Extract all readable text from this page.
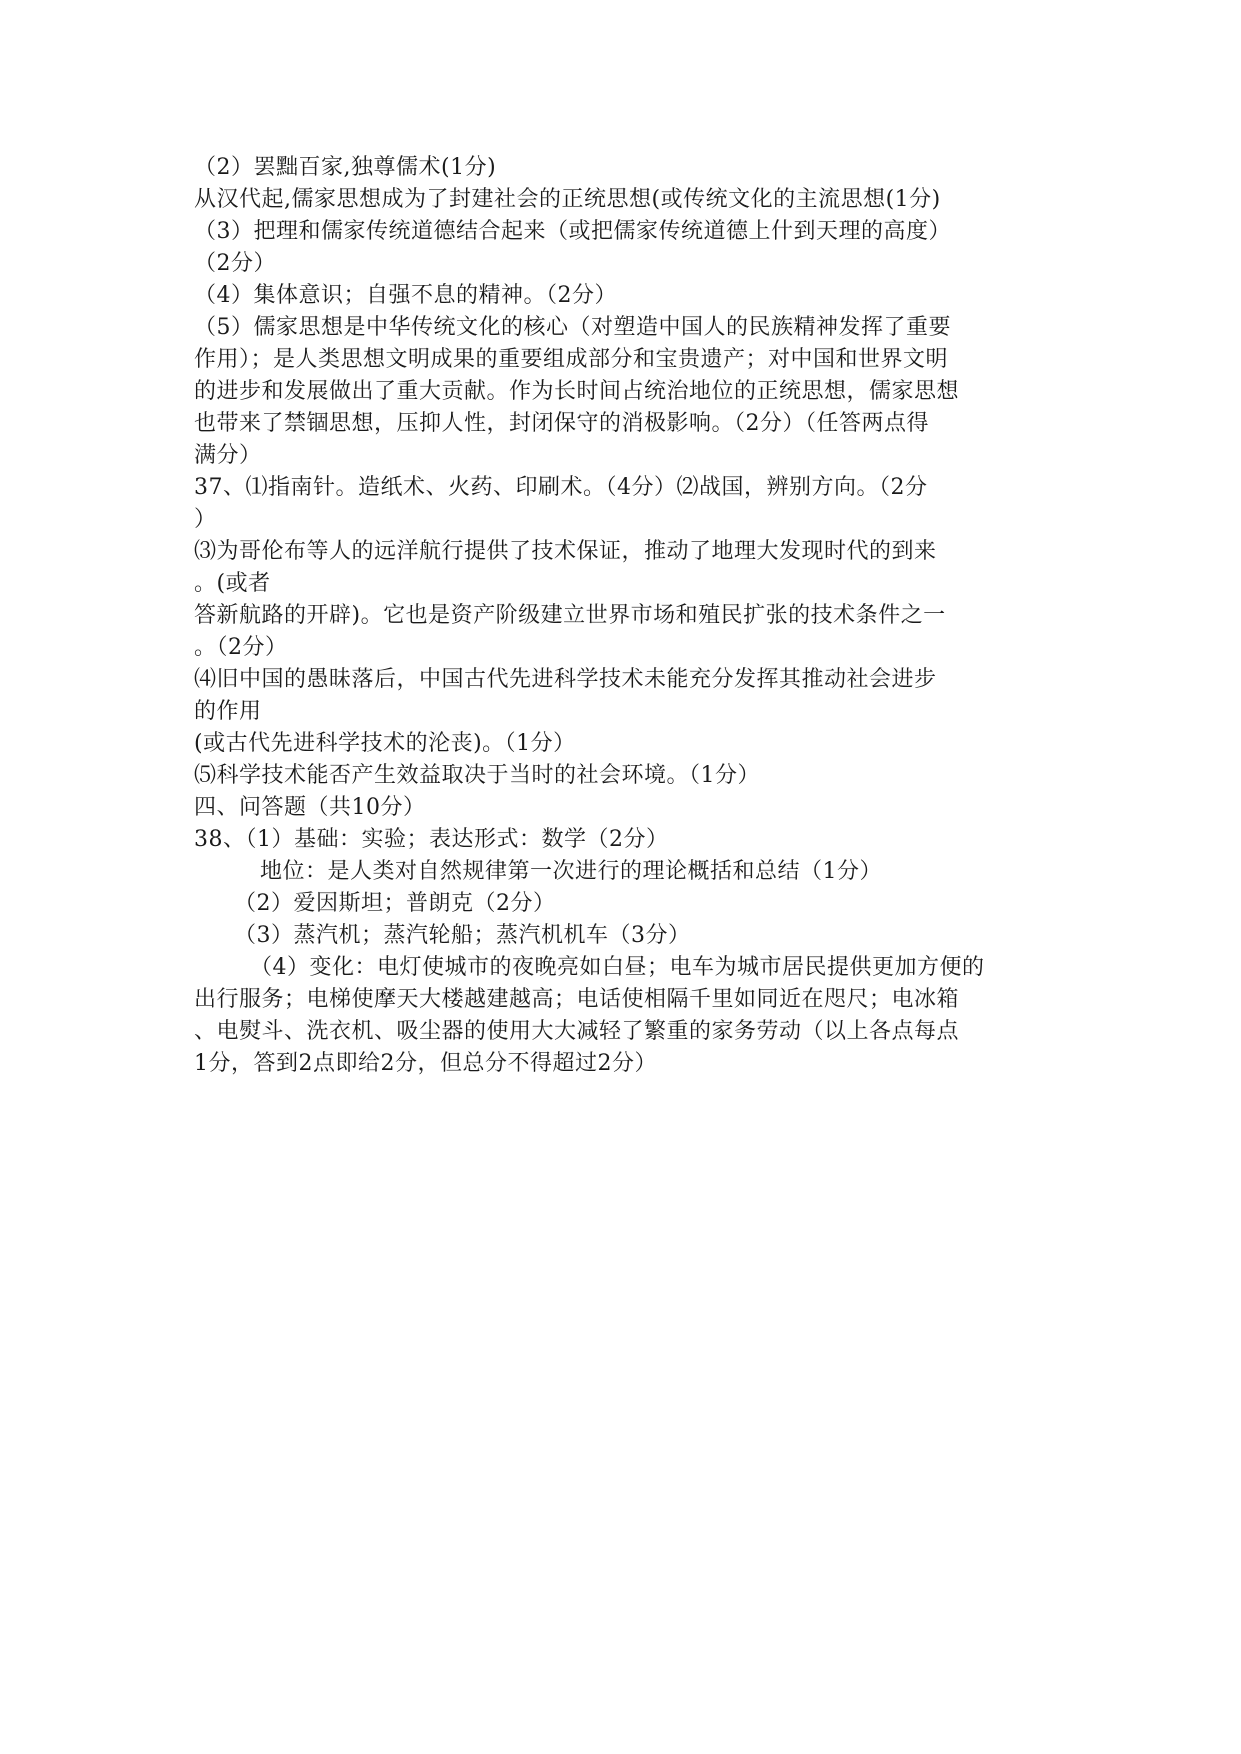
（2）罢黜百家,独尊儒术(1分)
从汉代起,儒家思想成为了封建社会的正统思想(或传统文化的主流思想(1分)
（3）把理和儒家传统道德结合起来（或把儒家传统道德上什到天理的高度）
（2分）
（4）集体意识；自强不息的精神。（2分）
（5）儒家思想是中华传统文化的核心（对塑造中国人的民族精神发挥了重要
作用）；是人类思想文明成果的重要组成部分和宝贵遗产；对中国和世界文明
的进步和发展做出了重大贡献。作为长时间占统治地位的正统思想，儒家思想
也带来了禁锢思想，压抑人性，封闭保守的消极影响。（2分）（任答两点得
满分）
37、⑴指南针。造纸术、火药、印刷术。（4分）⑵战国，辨别方向。（2分
）
⑶为哥伦布等人的远洋航行提供了技术保证，推动了地理大发现时代的到来
。(或者
答新航路的开辟)。它也是资产阶级建立世界市场和殖民扩张的技术条件之一
。（2分）
⑷旧中国的愚昧落后，中国古代先进科学技术未能充分发挥其推动社会进步
的作用
(或古代先进科学技术的沦丧)。（1分）
⑸科学技术能否产生效益取决于当时的社会环境。（1分）
四、问答题（共10分）
38、（1）基础：实验；表达形式：数学（2分）
地位：是人类对自然规律第一次进行的理论概括和总结（1分）
（2）爱因斯坦；普朗克（2分）
（3）蒸汽机；蒸汽轮船；蒸汽机机车（3分）
（4）变化：电灯使城市的夜晚亮如白昼；电车为城市居民提供更加方便的
出行服务；电梯使摩天大楼越建越高；电话使相隔千里如同近在咫尺；电冰箱
、电熨斗、洗衣机、吸尘器的使用大大减轻了繁重的家务劳动（以上各点每点
1分，答到2点即给2分，但总分不得超过2分）
